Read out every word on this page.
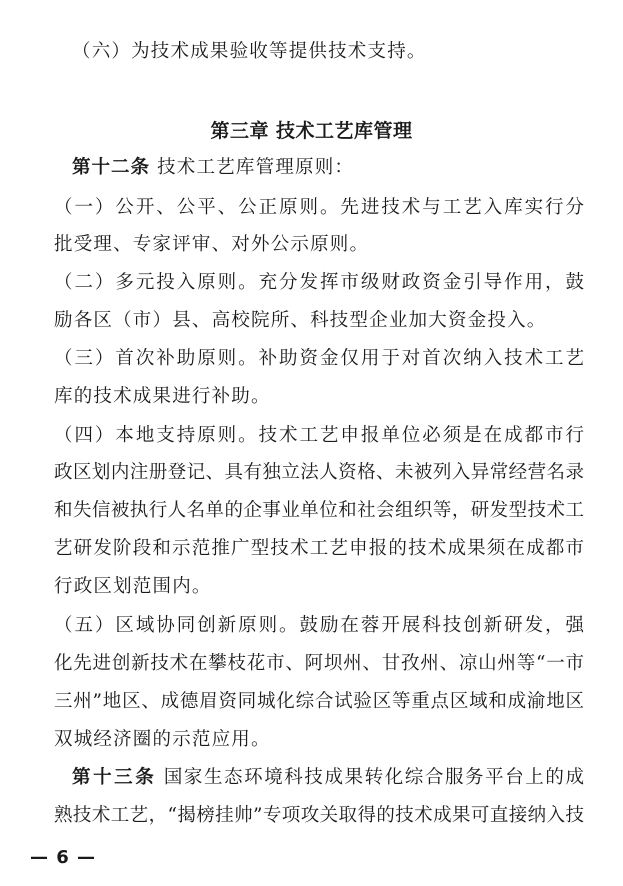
（六）为技术成果验收等提供技术支持。
第三章 技术工艺库管理
第十二条 技术工艺库管理原则：
（一）公开、公平、公正原则。先进技术与工艺入库实行分
批受理、专家评审、对外公示原则。
（二）多元投入原则。充分发挥市级财政资金引导作用，鼓
励各区（市）县、高校院所、科技型企业加大资金投入。
（三）首次补助原则。补助资金仅用于对首次纳入技术工艺
库的技术成果进行补助。
（四）本地支持原则。技术工艺申报单位必须是在成都市行
政区划内注册登记、具有独立法人资格、未被列入异常经营名录
和失信被执行人名单的企事业单位和社会组织等，研发型技术工
艺研发阶段和示范推广型技术工艺申报的技术成果须在成都市
行政区划范围内。
（五）区域协同创新原则。鼓励在蓉开展科技创新研发，强
化先进创新技术在攀枝花市、阿坝州、甘孜州、凉山州等“一市
三州”地区、成德眉资同城化综合试验区等重点区域和成渝地区
双城经济圈的示范应用。
第十三条 国家生态环境科技成果转化综合服务平台上的成
熟技术工艺，“揭榜挂帅”专项攻关取得的技术成果可直接纳入技
— 6 —
